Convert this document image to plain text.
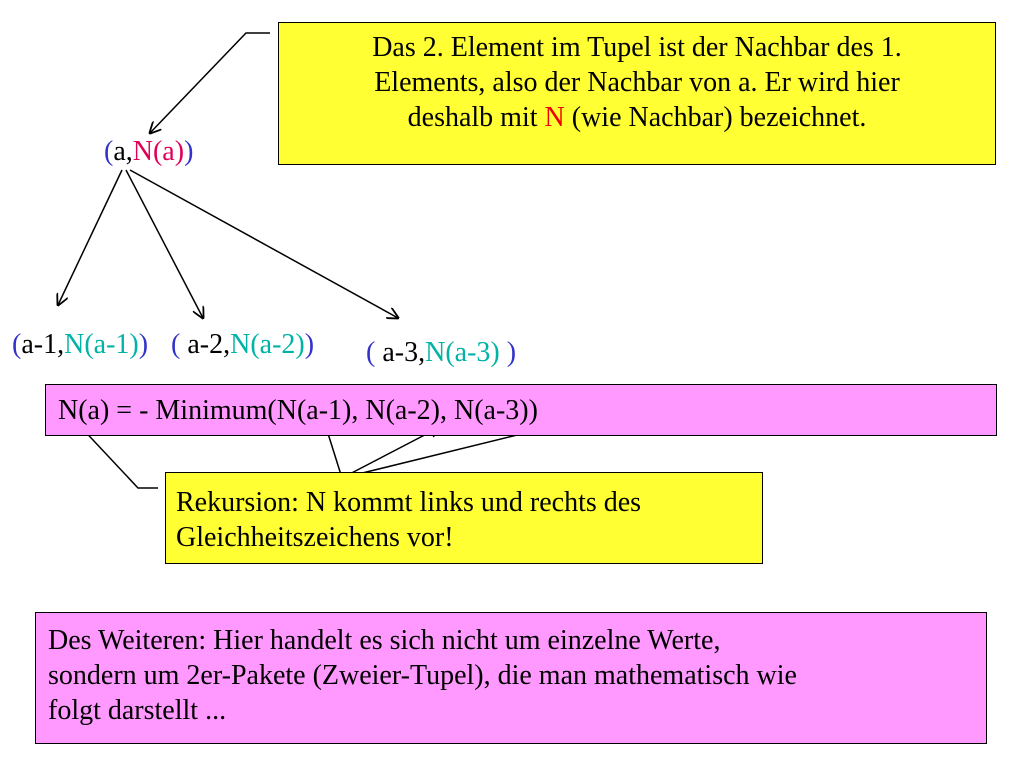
Das 2. Element im Tupel ist der Nachbar des 1.
Elements, also der Nachbar von a. Er wird hier
deshalb mit N (wie Nachbar) bezeichnet.
(a,N(a))
(a-1,N(a-1)) ( a-2,N(a-2)) ( a-3,N(a-3) )
N(a) = - Minimum(N(a-1), N(a-2), N(a-3))
Rekursion: N kommt links und rechts des
Gleichheitszeichens vor!
Des Weiteren: Hier handelt es sich nicht um einzelne Werte,
sondern um 2er-Pakete (Zweier-Tupel), die man mathematisch wie
folgt darstellt ...
